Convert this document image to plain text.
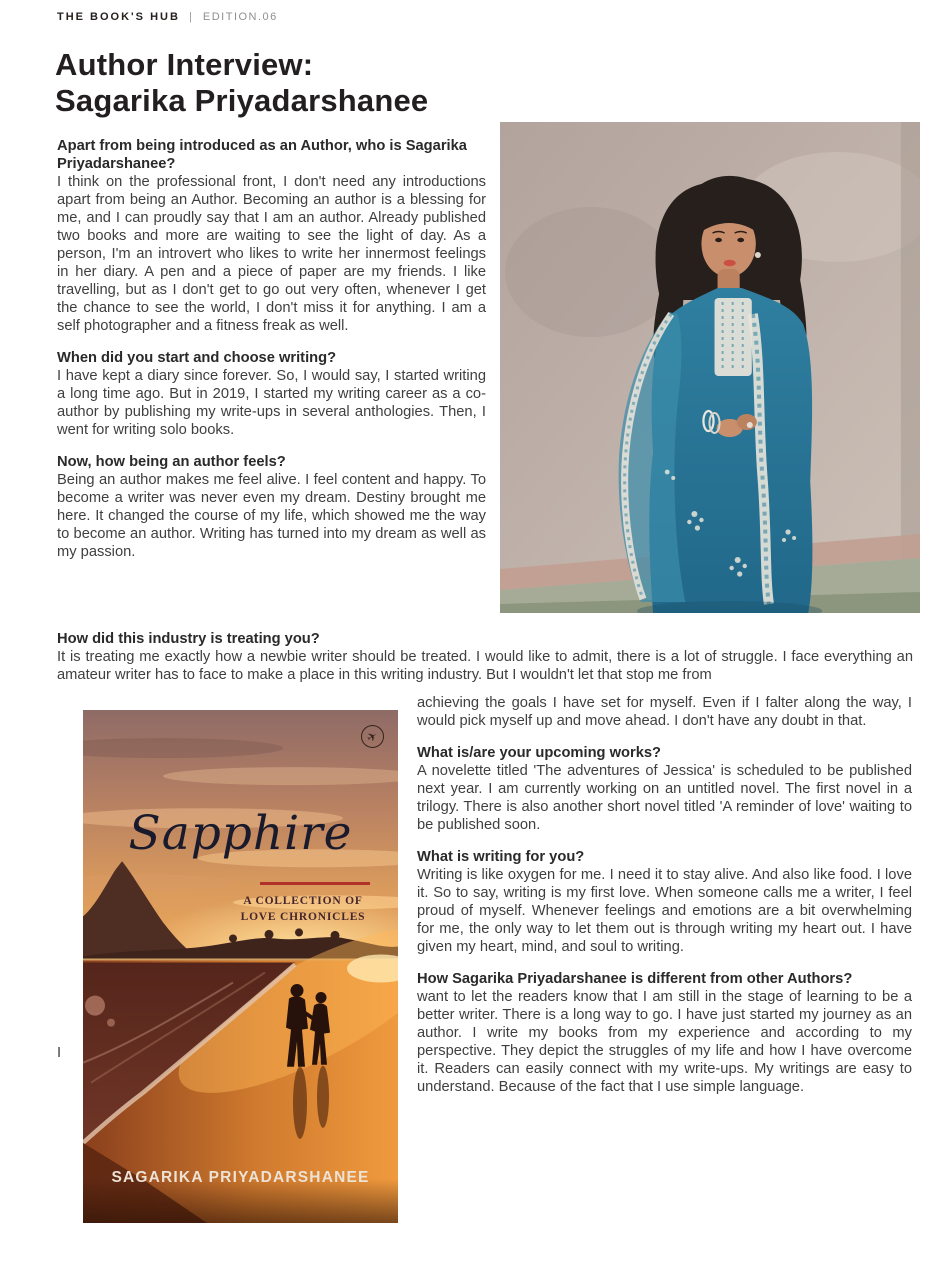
THE BOOK'S HUB | EDITION.06
Author Interview:
Sagarika Priyadarshanee
Apart from being introduced as an Author, who is Sagarika Priyadarshanee?

I think on the professional front, I don't need any introductions apart from being an Author. Becoming an author is a blessing for me, and I can proudly say that I am an author. Already published two books and more are waiting to see the light of day. As a person, I'm an introvert who likes to write her innermost feelings in her diary. A pen and a piece of paper are my friends. I like travelling, but as I don't get to go out very often, whenever I get the chance to see the world, I don't miss it for anything. I am a self photographer and a fitness freak as well.

When did you start and choose writing?

I have kept a diary since forever. So, I would say, I started writing a long time ago. But in 2019, I started my writing career as a co-author by publishing my write-ups in several anthologies. Then, I went for writing solo books.

Now, how being an author feels?

Being an author makes me feel alive. I feel content and happy. To become a writer was never even my dream. Destiny brought me here. It changed the course of my life, which showed me the way to become an author. Writing has turned into my dream as well as my passion.

How did this industry is treating you?

It is treating me exactly how a newbie writer should be treated. I would like to admit, there is a lot of struggle. I face everything an amateur writer has to face to make a place in this writing industry. But I wouldn't let that stop me from

✈
Sapphire
A COLLECTION OF
LOVE CHRONICLES
SAGARIKA PRIYADARSHANEE

achieving the goals I have set for myself. Even if I falter along the way, I would pick myself up and move ahead. I don't have any doubt in that.

What is/are your upcoming works?

A novelette titled 'The adventures of Jessica' is scheduled to be published next year. I am currently working on an untitled novel. The first novel in a trilogy. There is also another short novel titled 'A reminder of love' waiting to be published soon.

What is writing for you?

Writing is like oxygen for me. I need it to stay alive. And also like food. I love it. So to say, writing is my first love. When someone calls me a writer, I feel proud of myself. Whenever feelings and emotions are a bit overwhelming for me, the only way to let them out is through writing my heart out. I have given my heart, mind, and soul to writing.

How Sagarika Priyadarshanee is different from other Authors?

want to let the readers know that I am still in the stage of learning to be a better writer. There is a long way to go. I have just started my journey as an author. I write my books from my experience and according to my perspective. They depict the struggles of my life and how I have overcome it. Readers can easily connect with my write-ups. My writings are easy to understand. Because of the fact that I use simple language.

I
